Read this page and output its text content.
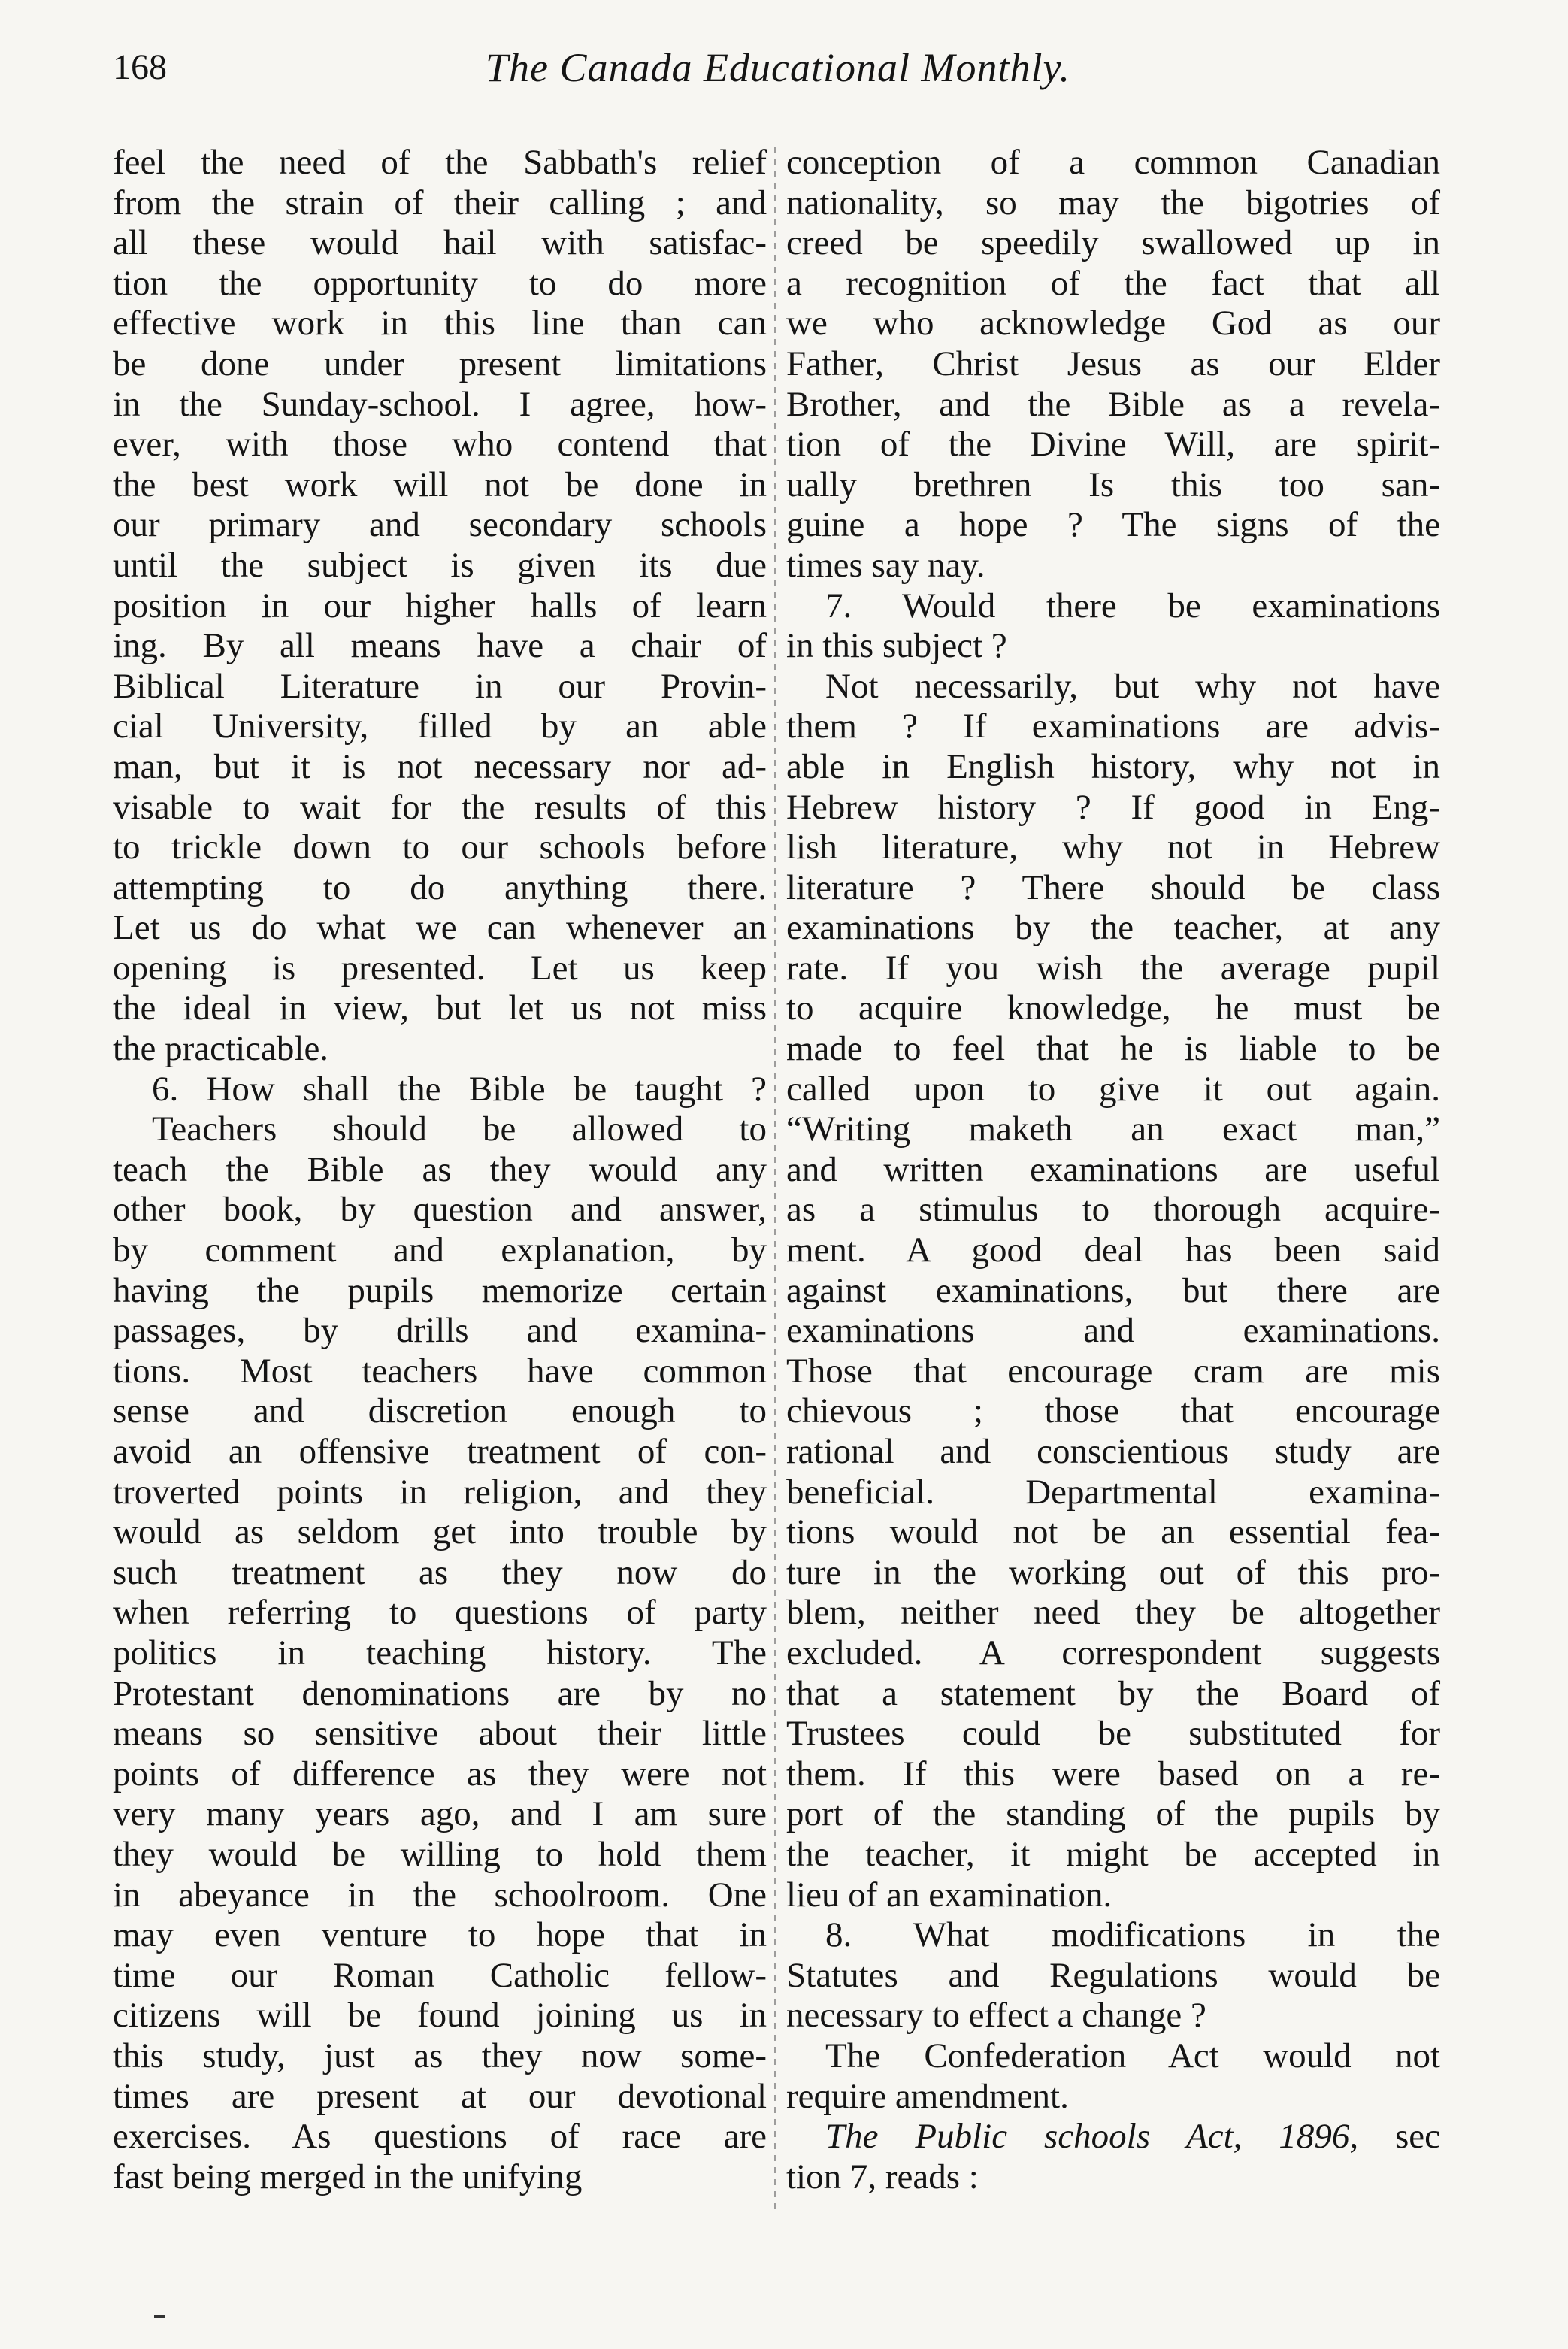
168	The Canada Educational Monthly.
feel the need of the Sabbath's relief
from the strain of their calling ; and
all these would hail with satisfac-
tion the opportunity to do more
effective work in this line than can
be done under present limitations
in the Sunday-school. I agree, how-
ever, with those who contend that
the best work will not be done in
our primary and secondary schools
until the subject is given its due
position in our higher halls of learn
ing. By all means have a chair of
Biblical Literature in our Provin-
cial University, filled by an able
man, but it is not necessary nor ad-
visable to wait for the results of this
to trickle down to our schools before
attempting to do anything there.
Let us do what we can whenever an
opening is presented. Let us keep
the ideal in view, but let us not miss
the practicable.
6. How shall the Bible be taught ?
Teachers should be allowed to
teach the Bible as they would any
other book, by question and answer,
by comment and explanation, by
having the pupils memorize certain
passages, by drills and examina-
tions. Most teachers have common
sense and discretion enough to
avoid an offensive treatment of con-
troverted points in religion, and they
would as seldom get into trouble by
such treatment as they now do
when referring to questions of party
politics in teaching history. The
Protestant denominations are by no
means so sensitive about their little
points of difference as they were not
very many years ago, and I am sure
they would be willing to hold them
in abeyance in the schoolroom. One
may even venture to hope that in
time our Roman Catholic fellow-
citizens will be found joining us in
this study, just as they now some-
times are present at our devotional
exercises. As questions of race are
fast being merged in the unifying
conception of a common Canadian
nationality, so may the bigotries of
creed be speedily swallowed up in
a recognition of the fact that all
we who acknowledge God as our
Father, Christ Jesus as our Elder
Brother, and the Bible as a revela-
tion of the Divine Will, are spirit-
ually brethren Is this too san-
guine a hope ? The signs of the
times say nay.
7. Would there be examinations
in this subject ?
Not necessarily, but why not have
them ? If examinations are advis-
able in English history, why not in
Hebrew history ? If good in Eng-
lish literature, why not in Hebrew
literature ? There should be class
examinations by the teacher, at any
rate. If you wish the average pupil
to acquire knowledge, he must be
made to feel that he is liable to be
called upon to give it out again.
“Writing maketh an exact man,”
and written examinations are useful
as a stimulus to thorough acquire-
ment. A good deal has been said
against examinations, but there are
examinations and examinations.
Those that encourage cram are mis
chievous ; those that encourage
rational and conscientious study are
beneficial. Departmental examina-
tions would not be an essential fea-
ture in the working out of this pro-
blem, neither need they be altogether
excluded. A correspondent suggests
that a statement by the Board of
Trustees could be substituted for
them. If this were based on a re-
port of the standing of the pupils by
the teacher, it might be accepted in
lieu of an examination.
8. What modifications in the
Statutes and Regulations would be
necessary to effect a change ?
The Confederation Act would not
require amendment.
The Public schools Act, 1896, sec
tion 7, reads :
